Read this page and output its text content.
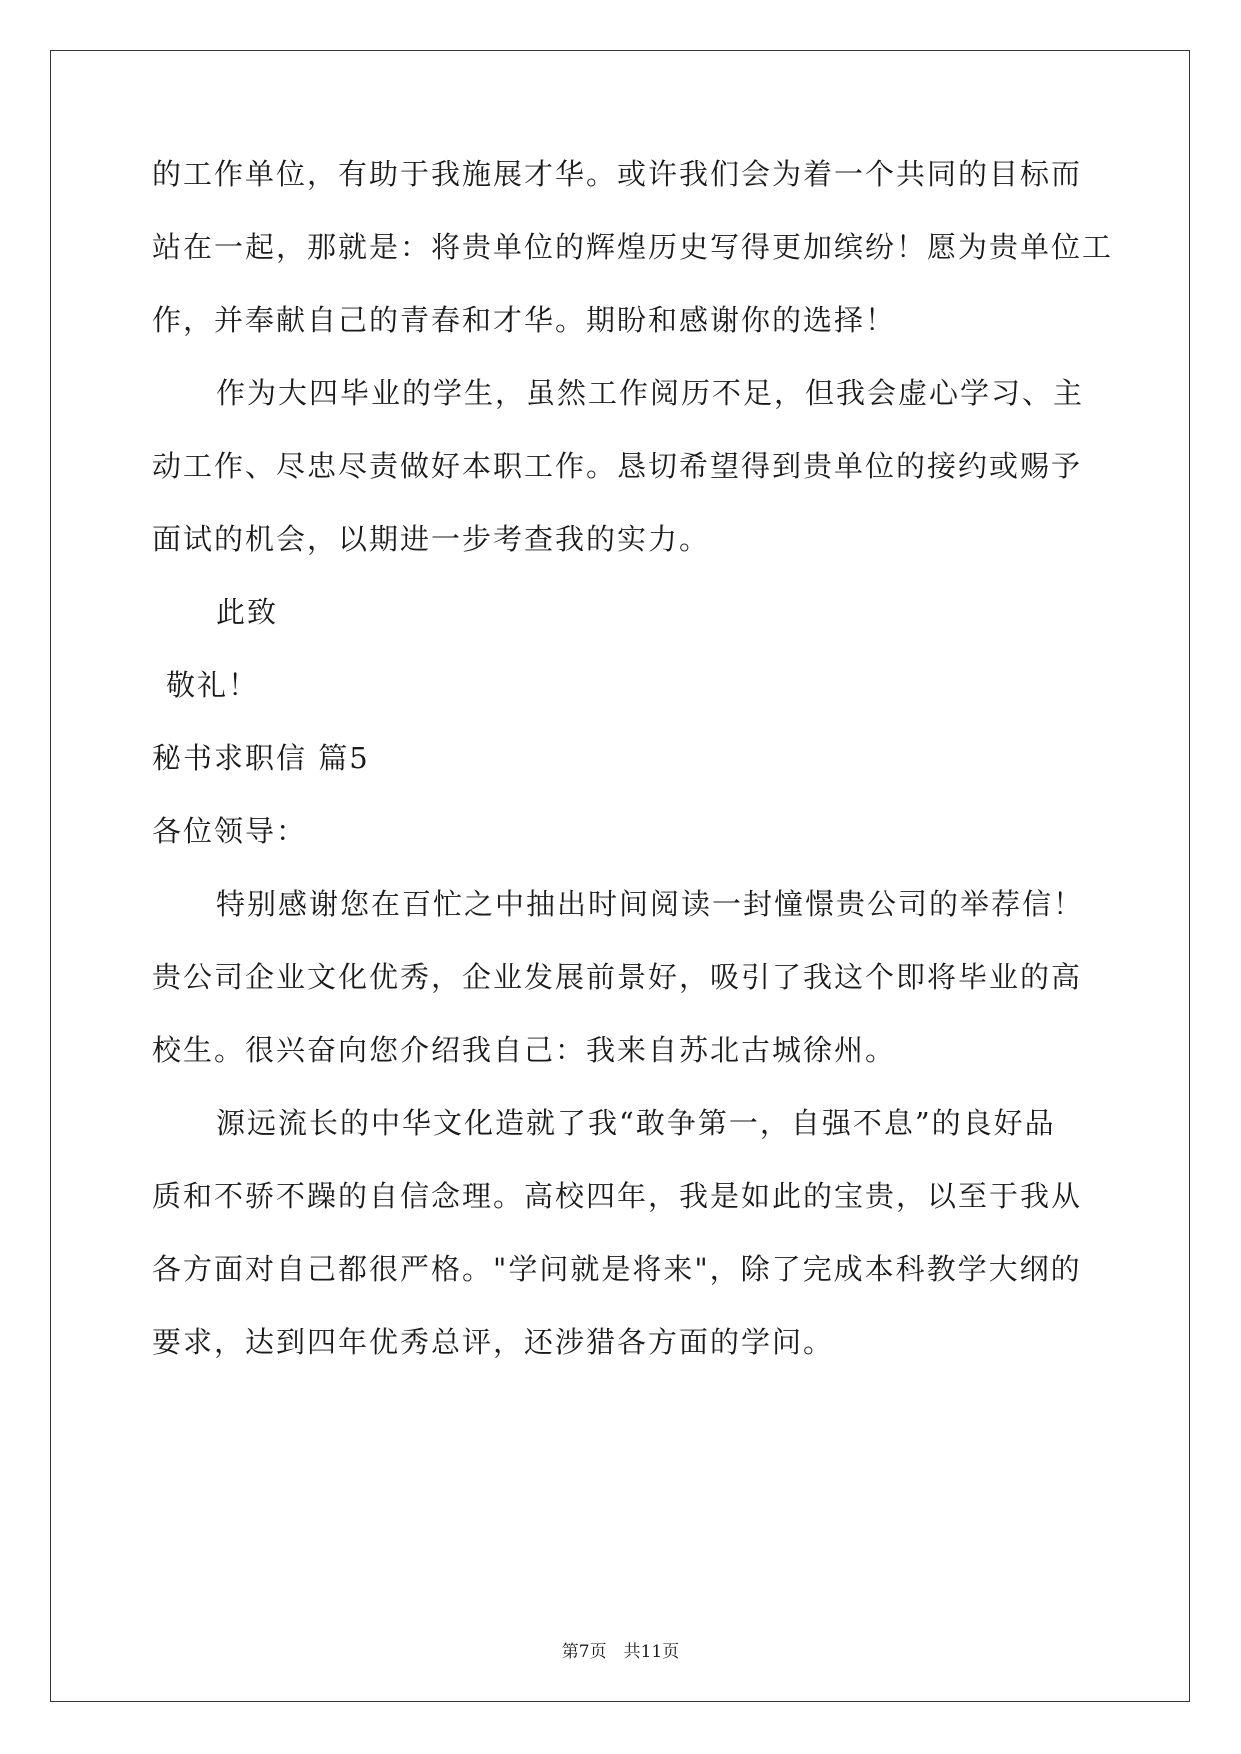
的工作单位，有助于我施展才华。或许我们会为着一个共同的目标而
站在一起，那就是：将贵单位的辉煌历史写得更加缤纷！愿为贵单位工
作，并奉献自己的青春和才华。期盼和感谢你的选择！
作为大四毕业的学生，虽然工作阅历不足，但我会虚心学习、主
动工作、尽忠尽责做好本职工作。恳切希望得到贵单位的接约或赐予
面试的机会，以期进一步考查我的实力。
此致
敬礼！
秘书求职信 篇5
各位领导：
特别感谢您在百忙之中抽出时间阅读一封憧憬贵公司的举荐信！
贵公司企业文化优秀，企业发展前景好，吸引了我这个即将毕业的高
校生。很兴奋向您介绍我自己：我来自苏北古城徐州。
源远流长的中华文化造就了我“敢争第一，自强不息”的良好品
质和不骄不躁的自信念理。高校四年，我是如此的宝贵，以至于我从
各方面对自己都很严格。"学问就是将来"，除了完成本科教学大纲的
要求，达到四年优秀总评，还涉猎各方面的学问。
第7页　共11页
